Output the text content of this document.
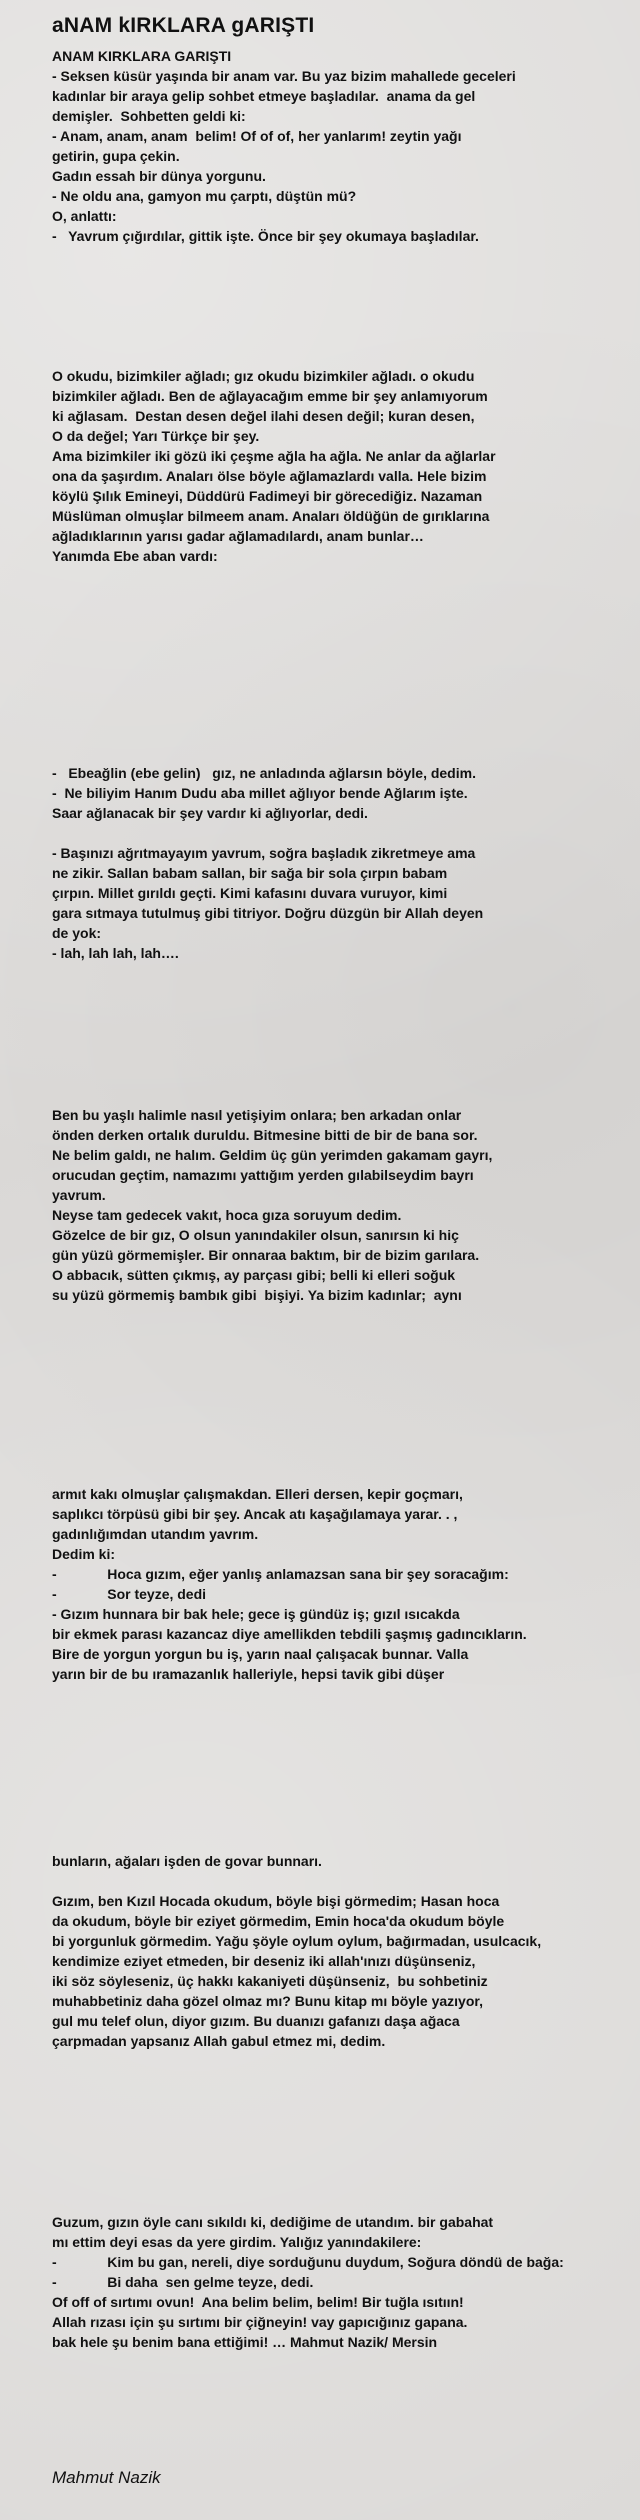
aNAM kIRKLARA gARIŞTI
ANAM KIRKLARA GARIŞTI
- Seksen küsür yaşında bir anam var. Bu yaz bizim mahallede geceleri
kadınlar bir araya gelip sohbet etmeye başladılar.  anama da gel
demişler.  Sohbetten geldi ki:
- Anam, anam, anam  belim! Of of of, her yanlarım! zeytin yağı
getirin, gupa çekin.
Gadın essah bir dünya yorgunu.
- Ne oldu ana, gamyon mu çarptı, düştün mü?
O, anlattı:
-   Yavrum çığırdılar, gittik işte. Önce bir şey okumaya başladılar.
O okudu, bizimkiler ağladı; gız okudu bizimkiler ağladı. o okudu
bizimkiler ağladı. Ben de ağlayacağım emme bir şey anlamıyorum
ki ağlasam.  Destan desen değel ilahi desen değil; kuran desen,
O da değel; Yarı Türkçe bir şey.
Ama bizimkiler iki gözü iki çeşme ağla ha ağla. Ne anlar da ağlarlar
ona da şaşırdım. Anaları ölse böyle ağlamazlardı valla. Hele bizim
köylü Şılık Emineyi, Düddürü Fadimeyi bir görecediğiz. Nazaman
Müslüman olmuşlar bilmeem anam. Anaları öldüğün de gırıklarına
ağladıklarının yarısı gadar ağlamadılardı, anam bunlar…
Yanımda Ebe aban vardı:
-   Ebeağlin (ebe gelin)   gız, ne anladında ağlarsın böyle, dedim.
-  Ne biliyim Hanım Dudu aba millet ağlıyor bende Ağlarım işte.
Saar ağlanacak bir şey vardır ki ağlıyorlar, dedi.

- Başınızı ağrıtmayayım yavrum, soğra başladık zikretmeye ama
ne zikir. Sallan babam sallan, bir sağa bir sola çırpın babam
çırpın. Millet gırıldı geçti. Kimi kafasını duvara vuruyor, kimi
gara sıtmaya tutulmuş gibi titriyor. Doğru düzgün bir Allah deyen
de yok:
- lah, lah lah, lah….
Ben bu yaşlı halimle nasıl yetişiyim onlara; ben arkadan onlar
önden derken ortalık duruldu. Bitmesine bitti de bir de bana sor.
Ne belim galdı, ne halım. Geldim üç gün yerimden gakamam gayrı,
orucudan geçtim, namazımı yattığım yerden gılabilseydim bayrı
yavrum.
Neyse tam gedecek vakıt, hoca gıza soruyum dedim.
Gözelce de bir gız, O olsun yanındakiler olsun, sanırsın ki hiç
gün yüzü görmemişler. Bir onnaraa baktım, bir de bizim garılara.
O abbacık, sütten çıkmış, ay parçası gibi; belli ki elleri soğuk
su yüzü görmemiş bambık gibi  bişiyi. Ya bizim kadınlar;  aynı
armıt kakı olmuşlar çalışmakdan. Elleri dersen, kepir goçmarı,
saplıkcı törpüsü gibi bir şey. Ancak atı kaşağılamaya yarar. . ,
gadınlığımdan utandım yavrım.
Dedim ki:
-             Hoca gızım, eğer yanlış anlamazsan sana bir şey soracağım:
-             Sor teyze, dedi
- Gızım hunnara bir bak hele; gece iş gündüz iş; gızıl ısıcakda
bir ekmek parası kazancaz diye amellikden tebdili şaşmış gadıncıkların.
Bire de yorgun yorgun bu iş, yarın naal çalışacak bunnar. Valla
yarın bir de bu ıramazanlık halleriyle, hepsi tavik gibi düşer
bunların, ağaları işden de govar bunnarı.

Gızım, ben Kızıl Hocada okudum, böyle bişi görmedim; Hasan hoca
da okudum, böyle bir eziyet görmedim, Emin hoca'da okudum böyle
bi yorgunluk görmedim. Yağu şöyle oylum oylum, bağırmadan, usulcacık,
kendimize eziyet etmeden, bir deseniz iki allah'ınızı düşünseniz,
iki söz söyleseniz, üç hakkı kakaniyeti düşünseniz,  bu sohbetiniz
muhabbetiniz daha gözel olmaz mı? Bunu kitap mı böyle yazıyor,
gul mu telef olun, diyor gızım. Bu duanızı gafanızı daşa ağaca
çarpmadan yapsanız Allah gabul etmez mi, dedim.
Guzum, gızın öyle canı sıkıldı ki, dediğime de utandım. bir gabahat
mı ettim deyi esas da yere girdim. Yalığız yanındakilere:
-             Kim bu gan, nereli, diye sorduğunu duydum, Soğura döndü de bağa:
-             Bi daha  sen gelme teyze, dedi.
Of off of sırtımı ovun!  Ana belim belim, belim! Bir tuğla ısıtıın!
Allah rızası için şu sırtımı bir çiğneyin! vay gapıcığınız gapana.
bak hele şu benim bana ettiğimi! … Mahmut Nazik/ Mersin
Mahmut Nazik
